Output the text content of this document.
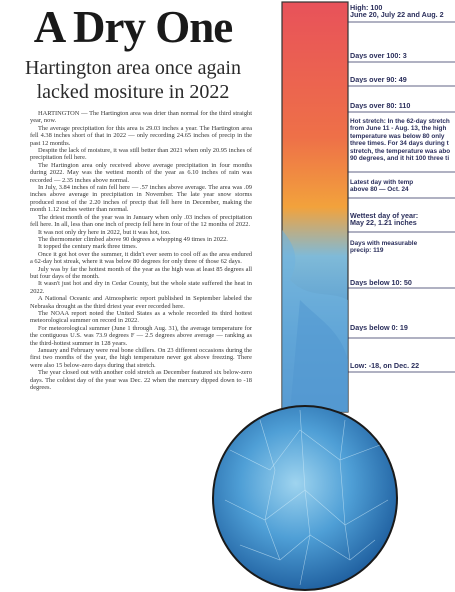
A Dry One
Hartington area once again lacked mositure in 2022

HARTINGTON — The Hartington area was drier than normal for the third straight year, now.

The average precipitation for this area is 29.03 inches a year. The Hartington area fell 4.38 inches short of that in 2022 — only recording 24.65 inches of precip in the past 12 months.

Despite the lack of moisture, it was still better than 2021 when only 20.95 inches of precipitation fell here.

The Hartington area only received above average precipitation in four months during 2022. May was the wettest month of the year as 6.10 inches of rain was recorded — 2.35 inches above normal.

In July, 3.84 inches of rain fell here — .57 inches above average. The area was .09 inches above average in precipitation in November. The late year snow storms produced most of the 2.20 inches of precip that fell here in December, making the month 1.12 inches wetter than normal.

The driest month of the year was in January when only .03 inches of precipitation fell here. In all, less than one inch of precip fell here in four of the 12 months of 2022.

It was not only dry here in 2022, but it was hot, too.

The thermometer climbed above 90 degrees a whopping 49 times in 2022.

It topped the century mark three times.

Once it got hot over the summer, it didn't ever seem to cool off as the area endured a 62-day hot streak, where it was below 80 degrees for only three of those 62 days.

July was by far the hottest month of the year as the high was at least 85 degrees all but four days of the month.

It wasn't just hot and dry in Cedar County, but the whole state suffered the heat in 2022.

A National Oceanic and Atmospheric report published in September labeled the Nebraska drought as the third driest year ever recorded here.

The NOAA report noted the United States as a whole recorded its third hottest meteorological summer on record in 2022.

For meteorological summer (June 1 through Aug. 31), the average temperature for the contiguous U.S. was 73.9 degrees F — 2.5 degrees above average — ranking as the third-hottest summer in 128 years.

January and February were real bone chillers. On 23 different occasions during the first two months of the year, the high temperature never got above freezing. There were also 15 below-zero days during that stretch.

The year closed out with another cold stretch as December featured six below-zero days. The coldest day of the year was Dec. 22 when the mercury dipped down to -18 degrees.

High: 100
June 20, July 22 and Aug. 2
Days over 100: 3
Days over 90: 49
Days over 80: 110
Hot stretch: In the 62-day stretch
from June 11 - Aug. 13, the high
temperature was below 80 only
three times. For 34 days during t
stretch, the temperature was abo
90 degrees, and it hit 100 three ti
Latest day with temp
above 80 — Oct. 24
Wettest day of year:
May 22, 1.21 inches
Days with measurable
precip: 119
Days below 10: 50
Days below 0: 19
Low: -18, on Dec. 22
